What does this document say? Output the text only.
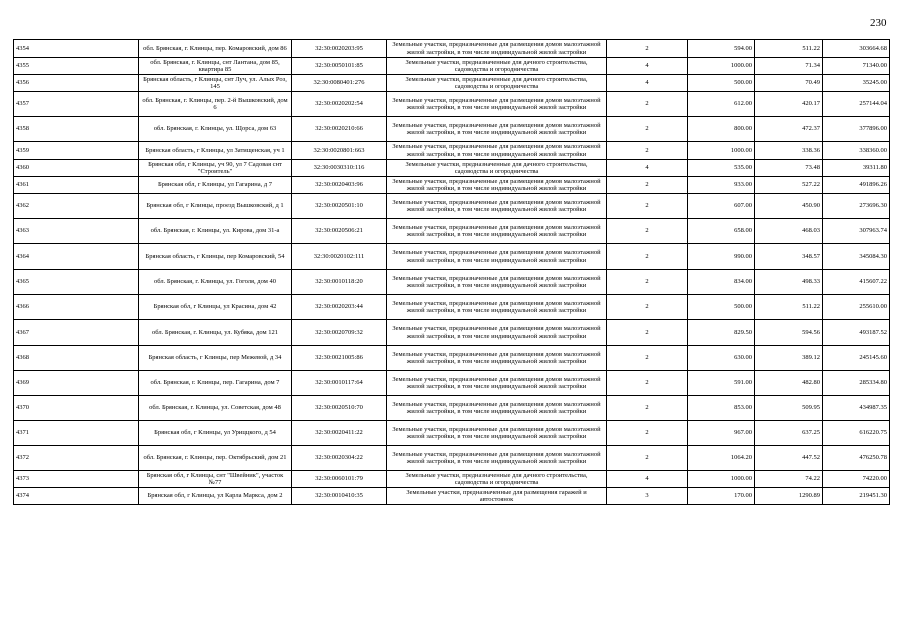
230
4354	обл. Брянская, г. Клинцы, пер. Комаровский, дом 86	32:30:0020203:95	Земельные участки, предназначенные для размещения домов малоэтажной жилой застройки, в том числе индивидуальной жилой застройки	2	594.00	511.22	303664.68
4355	обл. Брянская, г. Клинцы, снт Лантана, дом 85, квартира 85	32:30:0050101:85	Земельные участки, предназначенные для дачного строительства, садоводства и огородничества	4	1000.00	71.34	71340.00
4356	Брянская область, г Клинцы, снт Луч, ул. Алых Роз, 145	32:30:0080401:276	Земельные участки, предназначенные для дачного строительства, садоводства и огородничества	4	500.00	70.49	35245.00
4357	обл. Брянская, г. Клинцы, пер. 2-й Вышковский, дом 6	32:30:0020202:54	Земельные участки, предназначенные для размещения домов малоэтажной жилой застройки, в том числе индивидуальной жилой застройки	2	612.00	420.17	257144.04
4358	обл. Брянская, г. Клинцы, ул. Щорса, дом 63	32:30:0020210:66	Земельные участки, предназначенные для размещения домов малоэтажной жилой застройки, в том числе индивидуальной жилой застройки	2	800.00	472.37	377896.00
4359	Брянская область, г Клинцы, ул Затищенская, уч 1	32:30:0020801:663	Земельные участки, предназначенные для размещения домов малоэтажной жилой застройки, в том числе индивидуальной жилой застройки	2	1000.00	338.36	338360.00
4360	Брянская обл, г Клинцы, уч 90, ул 7 Садовая снт "Строитель"	32:30:0030310:116	Земельные участки, предназначенные для дачного строительства, садоводства и огородничества	4	535.00	73.48	39311.80
4361	Брянская обл, г Клинцы, ул Гагарина, д 7	32:30:0020403:96	Земельные участки, предназначенные для размещения домов малоэтажной жилой застройки, в том числе индивидуальной жилой застройки	2	933.00	527.22	491896.26
4362	Брянская обл, г Клинцы, проезд Вышковский, д 1	32:30:0020501:10	Земельные участки, предназначенные для размещения домов малоэтажной жилой застройки, в том числе индивидуальной жилой застройки	2	607.00	450.90	273696.30
4363	обл. Брянская, г. Клинцы, ул. Кирова, дом 31-а	32:30:0020506:21	Земельные участки, предназначенные для размещения домов малоэтажной жилой застройки, в том числе индивидуальной жилой застройки	2	658.00	468.03	307963.74
4364	Брянская область, г Клинцы, пер Комаровский, 54	32:30:0020102:111	Земельные участки, предназначенные для размещения домов малоэтажной жилой застройки, в том числе индивидуальной жилой застройки	2	990.00	348.57	345084.30
4365	обл. Брянская, г. Клинцы, ул. Гоголя, дом 40	32:30:0010118:20	Земельные участки, предназначенные для размещения домов малоэтажной жилой застройки, в том числе индивидуальной жилой застройки	2	834.00	498.33	415607.22
4366	Брянская обл, г Клинцы, ул Красина, дом 42	32:30:0020203:44	Земельные участки, предназначенные для размещения домов малоэтажной жилой застройки, в том числе индивидуальной жилой застройки	2	500.00	511.22	255610.00
4367	обл. Брянская, г. Клинцы, ул. Кубяка, дом 121	32:30:0020709:32	Земельные участки, предназначенные для размещения домов малоэтажной жилой застройки, в том числе индивидуальной жилой застройки	2	829.50	594.56	493187.52
4368	Брянская область, г Клинцы, пер Межевой, д 34	32:30:0021005:86	Земельные участки, предназначенные для размещения домов малоэтажной жилой застройки, в том числе индивидуальной жилой застройки	2	630.00	389.12	245145.60
4369	обл. Брянская, г. Клинцы, пер. Гагарина, дом 7	32:30:0010117:64	Земельные участки, предназначенные для размещения домов малоэтажной жилой застройки, в том числе индивидуальной жилой застройки	2	591.00	482.80	285334.80
4370	обл. Брянская, г. Клинцы, ул. Советская, дом 48	32:30:0020510:70	Земельные участки, предназначенные для размещения домов малоэтажной жилой застройки, в том числе индивидуальной жилой застройки	2	853.00	509.95	434987.35
4371	Брянская обл, г Клинцы, ул Уриццкого, д 54	32:30:0020411:22	Земельные участки, предназначенные для размещения домов малоэтажной жилой застройки, в том числе индивидуальной жилой застройки	2	967.00	637.25	616220.75
4372	обл. Брянская, г. Клинцы, пер. Октябрьский, дом 21	32:30:0020304:22	Земельные участки, предназначенные для размещения домов малоэтажной жилой застройки, в том числе индивидуальной жилой застройки	2	1064.20	447.52	476250.78
4373	Брянская обл, г Клинцы, снт "Швейник", участок №77	32:30:0060101:79	Земельные участки, предназначенные для дачного строительства, садоводства и огородничества	4	1000.00	74.22	74220.00
4374	Брянская обл, г Клинцы, ул Карла Маркса, дом 2	32:30:0010410:35	Земельные участки, предназначенные для размещения гаражей и автостоянок	3	170.00	1290.89	219451.30
